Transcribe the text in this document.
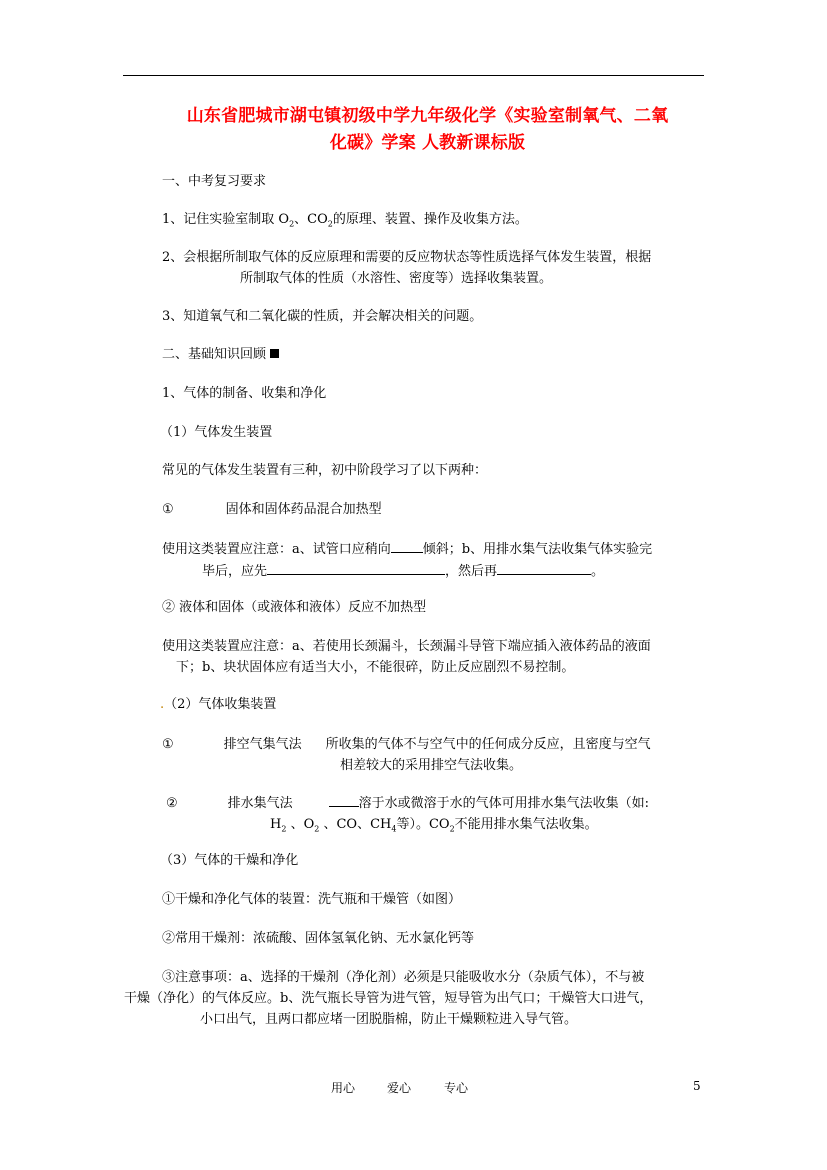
山东省肥城市湖屯镇初级中学九年级化学《实验室制氧气、二氧
化碳》学案 人教新课标版
一、中考复习要求
1、记住实验室制取 $O_2$、$CO_2$的原理、装置、操作及收集方法。
2、会根据所制取气体的反应原理和需要的反应物状态等性质选择气体发生装置，根据
所制取气体的性质（水溶性、密度等）选择收集装置。
3、知道氧气和二氧化碳的性质，并会解决相关的问题。
二、基础知识回顾
1、气体的制备、收集和净化
（1）气体发生装置
常见的气体发生装置有三种，初中阶段学习了以下两种：
①	固体和固体药品混合加热型
使用这类装置应注意：a、试管口应稍向 倾斜；b、用排水集气法收集气体实验完
毕后，应先	，然后再	。
② 液体和固体（或液体和液体）反应不加热型
使用这类装置应注意：a、若使用长颈漏斗，长颈漏斗导管下端应插入液体药品的液面
下；b、块状固体应有适当大小，不能很碎，防止反应剧烈不易控制。
.（2）气体收集装置
①	排空气集气法 所收集的气体不与空气中的任何成分反应，且密度与空气
相差较大的采用排空气法收集。
②	排水集气法	溶于水或微溶于水的气体可用排水集气法收集（如:
$H_2$ 、$O_2$ 、CO、$CH_4$等）。$CO_2$不能用排水集气法收集。
（3）气体的干燥和净化
①干燥和净化气体的装置：洗气瓶和干燥管（如图）
②常用干燥剂：浓硫酸、固体氢氧化钠、无水氯化钙等
③注意事项：a、选择的干燥剂（净化剂）必须是只能吸收水分（杂质气体），不与被
干燥（净化）的气体反应。b、洗气瓶长导管为进气管，短导管为出气口；干燥管大口进气，
小口出气，且两口都应堵一团脱脂棉，防止干燥颗粒进入导气管。
用心	爱心	专心	5
